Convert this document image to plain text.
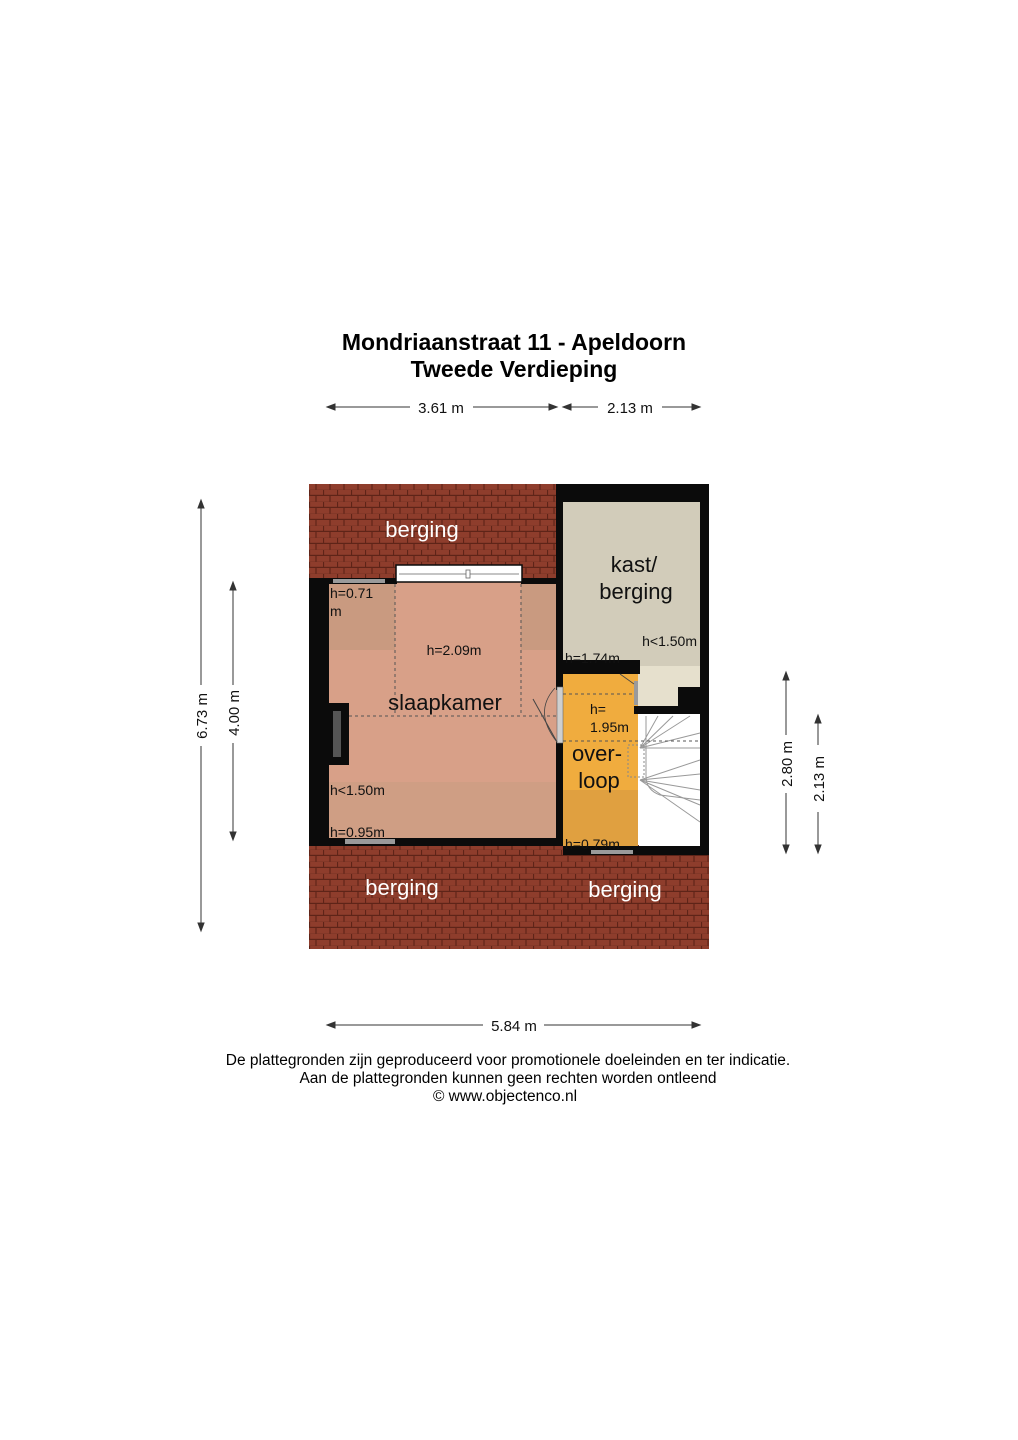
Mondriaanstraat 11 - Apeldoorn
Tweede Verdieping
berging
kast/
berging
slaapkamer
over-
loop
berging	berging
h=0.71
m
h=2.09m
h<1.50m
h=1.74m
h=
1.95m
h<1.50m
h=0.95m
h=0.79m
3.61 m	2.13 m
5.84 m
6.73 m 4.00 m
2.80 m 2.13 m
De plattegronden zijn geproduceerd voor promotionele doeleinden en ter indicatie.
Aan de plattegronden kunnen geen rechten worden ontleend
© www.objectenco.nl
